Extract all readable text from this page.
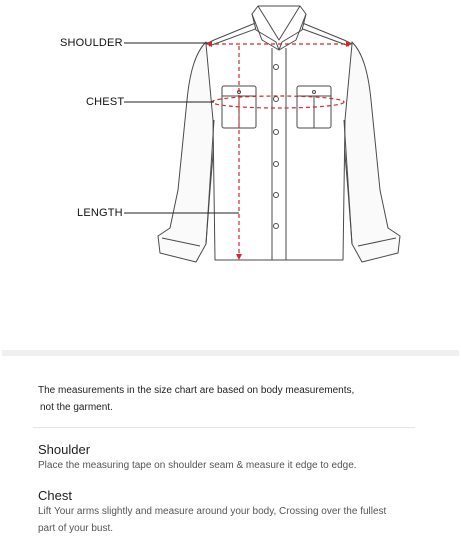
SHOULDER
CHEST
LENGTH
The measurements in the size chart are based on body measurements,
not the garment.
Shoulder
Place the measuring tape on shoulder seam & measure it edge to edge.
Chest
Lift Your arms slightly and measure around your body, Crossing over the fullest
part of your bust.
